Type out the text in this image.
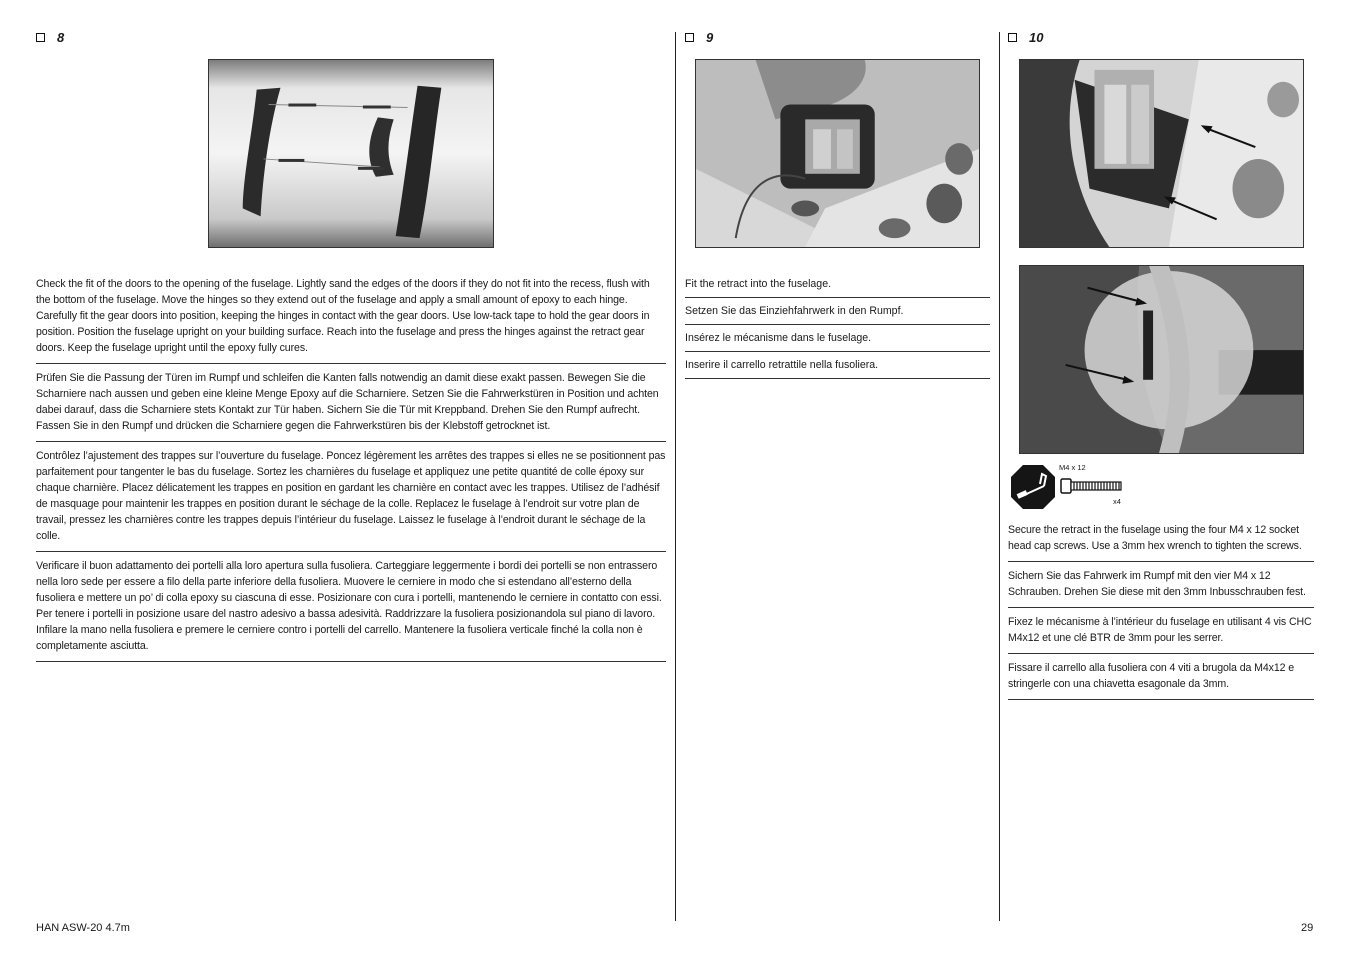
8
Check the fit of the doors to the opening of the fuselage. Lightly sand the edges of the doors if they do not fit into the recess, flush with the bottom of the fuselage. Move the hinges so they extend out of the fuselage and apply a small amount of epoxy to each hinge. Carefully fit the gear doors into position, keeping the hinges in contact with the gear doors. Use low-tack tape to hold the gear doors in position. Position the fuselage upright on your building surface. Reach into the fuselage and press the hinges against the retract gear doors. Keep the fuselage upright until the epoxy fully cures.
Prüfen Sie die Passung der Türen im Rumpf und schleifen die Kanten falls notwendig an damit diese exakt passen. Bewegen Sie die Scharniere nach aussen und geben eine kleine Menge Epoxy auf die Scharniere. Setzen Sie die Fahrwerkstüren in Position und achten dabei darauf, dass die Scharniere stets Kontakt zur Tür haben. Sichern Sie die Tür mit Kreppband. Drehen Sie den Rumpf aufrecht. Fassen Sie in den Rumpf und drücken die Scharniere gegen die Fahrwerkstüren bis der Klebstoff getrocknet ist.
Contrôlez l’ajustement des trappes sur l’ouverture du fuselage. Poncez légèrement les arrêtes des trappes si elles ne se positionnent pas parfaitement pour tangenter le bas du fuselage. Sortez les charnières du fuselage et appliquez une petite quantité de colle époxy sur chaque charnière. Placez délicatement les trappes en position en gardant les charnière en contact avec les trappes. Utilisez de l’adhésif de masquage pour maintenir les trappes en position durant le séchage de la colle. Replacez le fuselage à l’endroit sur votre plan de travail, pressez les charnières contre les trappes depuis l’intérieur du fuselage. Laissez le fuselage à l’endroit durant le séchage de la colle.
Verificare il buon adattamento dei portelli alla loro apertura sulla fusoliera. Carteggiare leggermente i bordi dei portelli se non entrassero nella loro sede per essere a filo della parte inferiore della fusoliera. Muovere le cerniere in modo che si estendano all’esterno della fusoliera e mettere un po’ di colla epoxy su ciascuna di esse. Posizionare con cura i portelli, mantenendo le cerniere in contatto con essi. Per tenere i portelli in posizione usare del nastro adesivo a bassa adesività. Raddrizzare la fusoliera posizionandola sul piano di lavoro. Infilare la mano nella fusoliera e premere le cerniere contro i portelli del carrello. Mantenere la fusoliera verticale finché la colla non è completamente asciutta.
9
Fit the retract into the fuselage.
Setzen Sie das Einziehfahrwerk in den Rumpf.
Insérez le mécanisme dans le fuselage.
Inserire il carrello retrattile nella fusoliera.
10
M4 x 12
x4
Secure the retract in the fuselage using the four M4 x 12 socket head cap screws. Use a 3mm hex wrench to tighten the screws.
Sichern Sie das Fahrwerk im Rumpf mit den vier M4 x 12 Schrauben. Drehen Sie diese mit den 3mm Inbusschrauben fest.
Fixez le mécanisme à l’intérieur du fuselage en utilisant 4 vis CHC M4x12 et une clé BTR de 3mm pour les serrer.
Fissare il carrello alla fusoliera con 4 viti a brugola da M4x12 e stringerle con una chiavetta esagonale da 3mm.
HAN ASW-20 4.7m	29
